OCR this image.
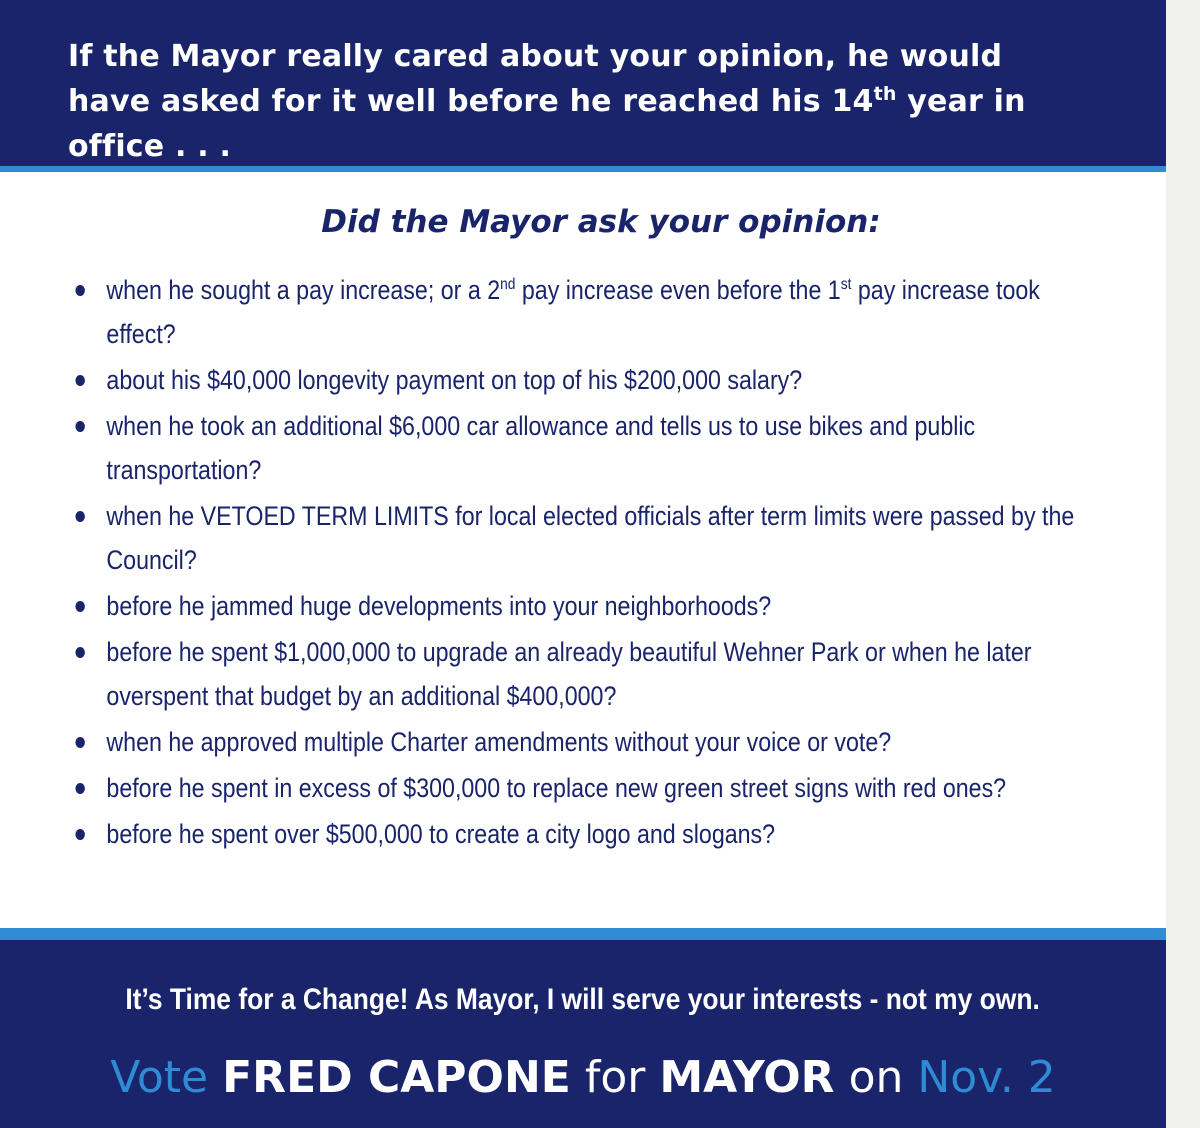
If the Mayor really cared about your opinion, he would
have asked for it well before he reached his 14th year in
office . . .
Did the Mayor ask your opinion:
when he sought a pay increase; or a 2nd pay increase even before the 1st pay increase took effect?
about his $40,000 longevity payment on top of his $200,000 salary?
when he took an additional $6,000 car allowance and tells us to use bikes and public transportation?
when he VETOED TERM LIMITS for local elected officials after term limits were passed by the Council?
before he jammed huge developments into your neighborhoods?
before he spent $1,000,000 to upgrade an already beautiful Wehner Park or when he later overspent that budget by an additional $400,000?
when he approved multiple Charter amendments without your voice or vote?
before he spent in excess of $300,000 to replace new green street signs with red ones?
before he spent over $500,000 to create a city logo and slogans?
It’s Time for a Change! As Mayor, I will serve your interests - not my own.
Vote FRED CAPONE for MAYOR on Nov. 2
